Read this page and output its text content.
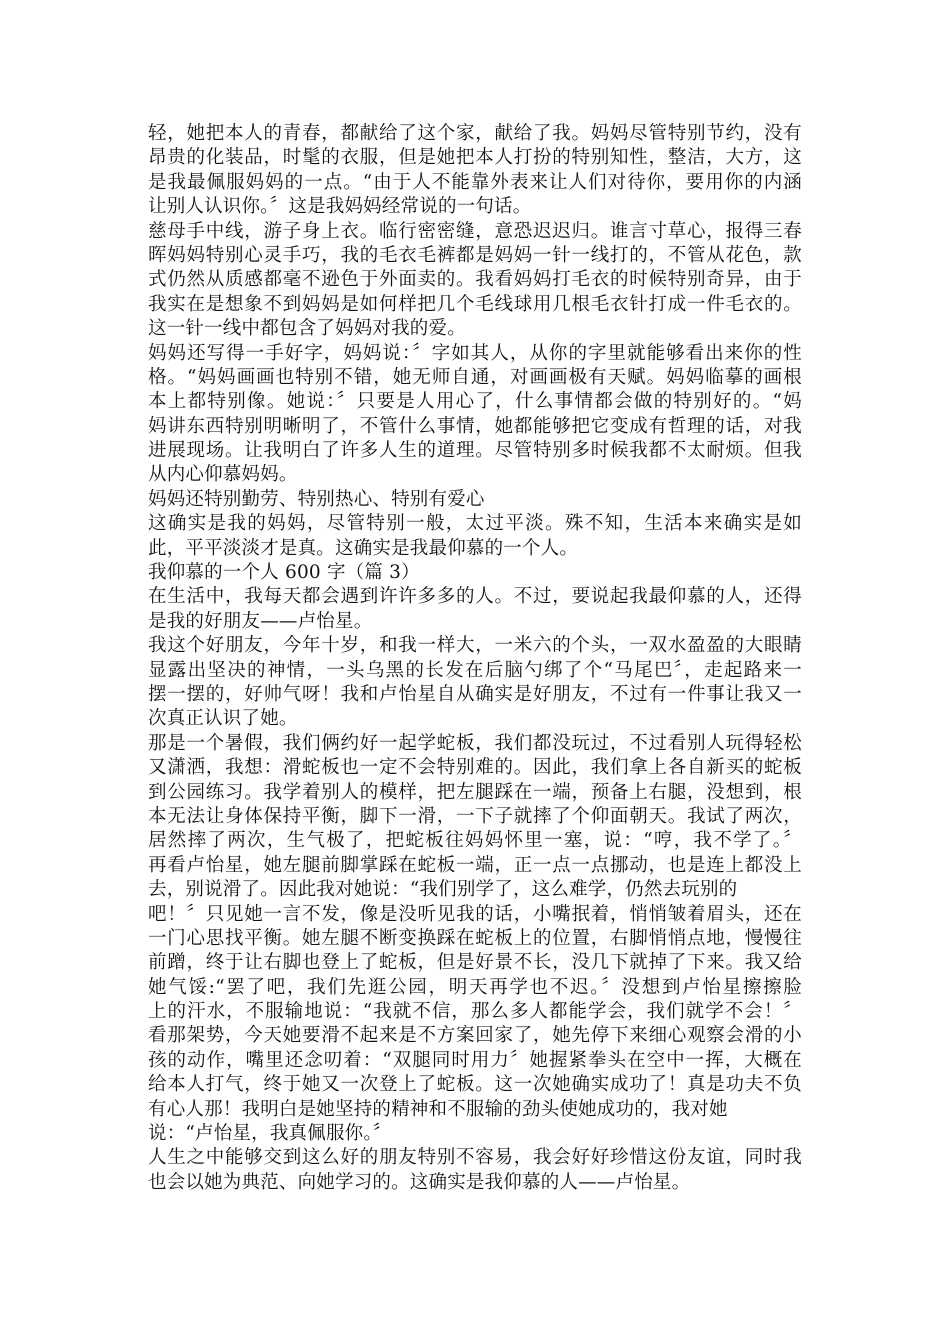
轻，她把本人的青春，都献给了这个家，献给了我。妈妈尽管特别节约，没有
昂贵的化装品，时髦的衣服，但是她把本人打扮的特别知性，整洁，大方，这
是我最佩服妈妈的一点。“由于人不能靠外表来让人们对待你，要用你的内涵
让别人认识你。〞这是我妈妈经常说的一句话。
慈母手中线，游子身上衣。临行密密缝，意恐迟迟归。谁言寸草心，报得三春
晖妈妈特别心灵手巧，我的毛衣毛裤都是妈妈一针一线打的，不管从花色，款
式仍然从质感都毫不逊色于外面卖的。我看妈妈打毛衣的时候特别奇异，由于
我实在是想象不到妈妈是如何样把几个毛线球用几根毛衣针打成一件毛衣的。
这一针一线中都包含了妈妈对我的爱。
妈妈还写得一手好字，妈妈说：〞字如其人，从你的字里就能够看出来你的性
格。“妈妈画画也特别不错，她无师自通，对画画极有天赋。妈妈临摹的画根
本上都特别像。她说：〞只要是人用心了，什么事情都会做的特别好的。“妈
妈讲东西特别明晰明了，不管什么事情，她都能够把它变成有哲理的话，对我
进展现场。让我明白了许多人生的道理。尽管特别多时候我都不太耐烦。但我
从内心仰慕妈妈。
妈妈还特别勤劳、特别热心、特别有爱心
这确实是我的妈妈，尽管特别一般，太过平淡。殊不知，生活本来确实是如
此，平平淡淡才是真。这确实是我最仰慕的一个人。
我仰慕的一个人 600 字（篇 3）
在生活中，我每天都会遇到许许多多的人。不过，要说起我最仰慕的人，还得
是我的好朋友——卢怡星。
我这个好朋友，今年十岁，和我一样大，一米六的个头，一双水盈盈的大眼睛
显露出坚决的神情，一头乌黑的长发在后脑勺绑了个“马尾巴〞，走起路来一
摆一摆的，好帅气呀！我和卢怡星自从确实是好朋友，不过有一件事让我又一
次真正认识了她。
那是一个暑假，我们俩约好一起学蛇板，我们都没玩过，不过看别人玩得轻松
又潇洒，我想：滑蛇板也一定不会特别难的。因此，我们拿上各自新买的蛇板
到公园练习。我学着别人的模样，把左腿踩在一端，预备上右腿，没想到，根
本无法让身体保持平衡，脚下一滑，一下子就摔了个仰面朝天。我试了两次，
居然摔了两次，生气极了，把蛇板往妈妈怀里一塞，说：“哼，我不学了。〞
再看卢怡星，她左腿前脚掌踩在蛇板一端，正一点一点挪动，也是连上都没上
去，别说滑了。因此我对她说：“我们别学了，这么难学，仍然去玩别的
吧！〞只见她一言不发，像是没听见我的话，小嘴抿着，悄悄皱着眉头，还在
一门心思找平衡。她左腿不断变换踩在蛇板上的位置，右脚悄悄点地，慢慢往
前蹭，终于让右脚也登上了蛇板，但是好景不长，没几下就掉了下来。我又给
她气馁:“罢了吧，我们先逛公园，明天再学也不迟。〞没想到卢怡星擦擦脸
上的汗水，不服输地说：“我就不信，那么多人都能学会，我们就学不会！〞
看那架势，今天她要滑不起来是不方案回家了，她先停下来细心观察会滑的小
孩的动作，嘴里还念叨着：“双腿同时用力〞她握紧拳头在空中一挥，大概在
给本人打气，终于她又一次登上了蛇板。这一次她确实成功了！真是功夫不负
有心人那！我明白是她坚持的精神和不服输的劲头使她成功的，我对她
说：“卢怡星，我真佩服你。〞
人生之中能够交到这么好的朋友特别不容易，我会好好珍惜这份友谊，同时我
也会以她为典范、向她学习的。这确实是我仰慕的人——卢怡星。
